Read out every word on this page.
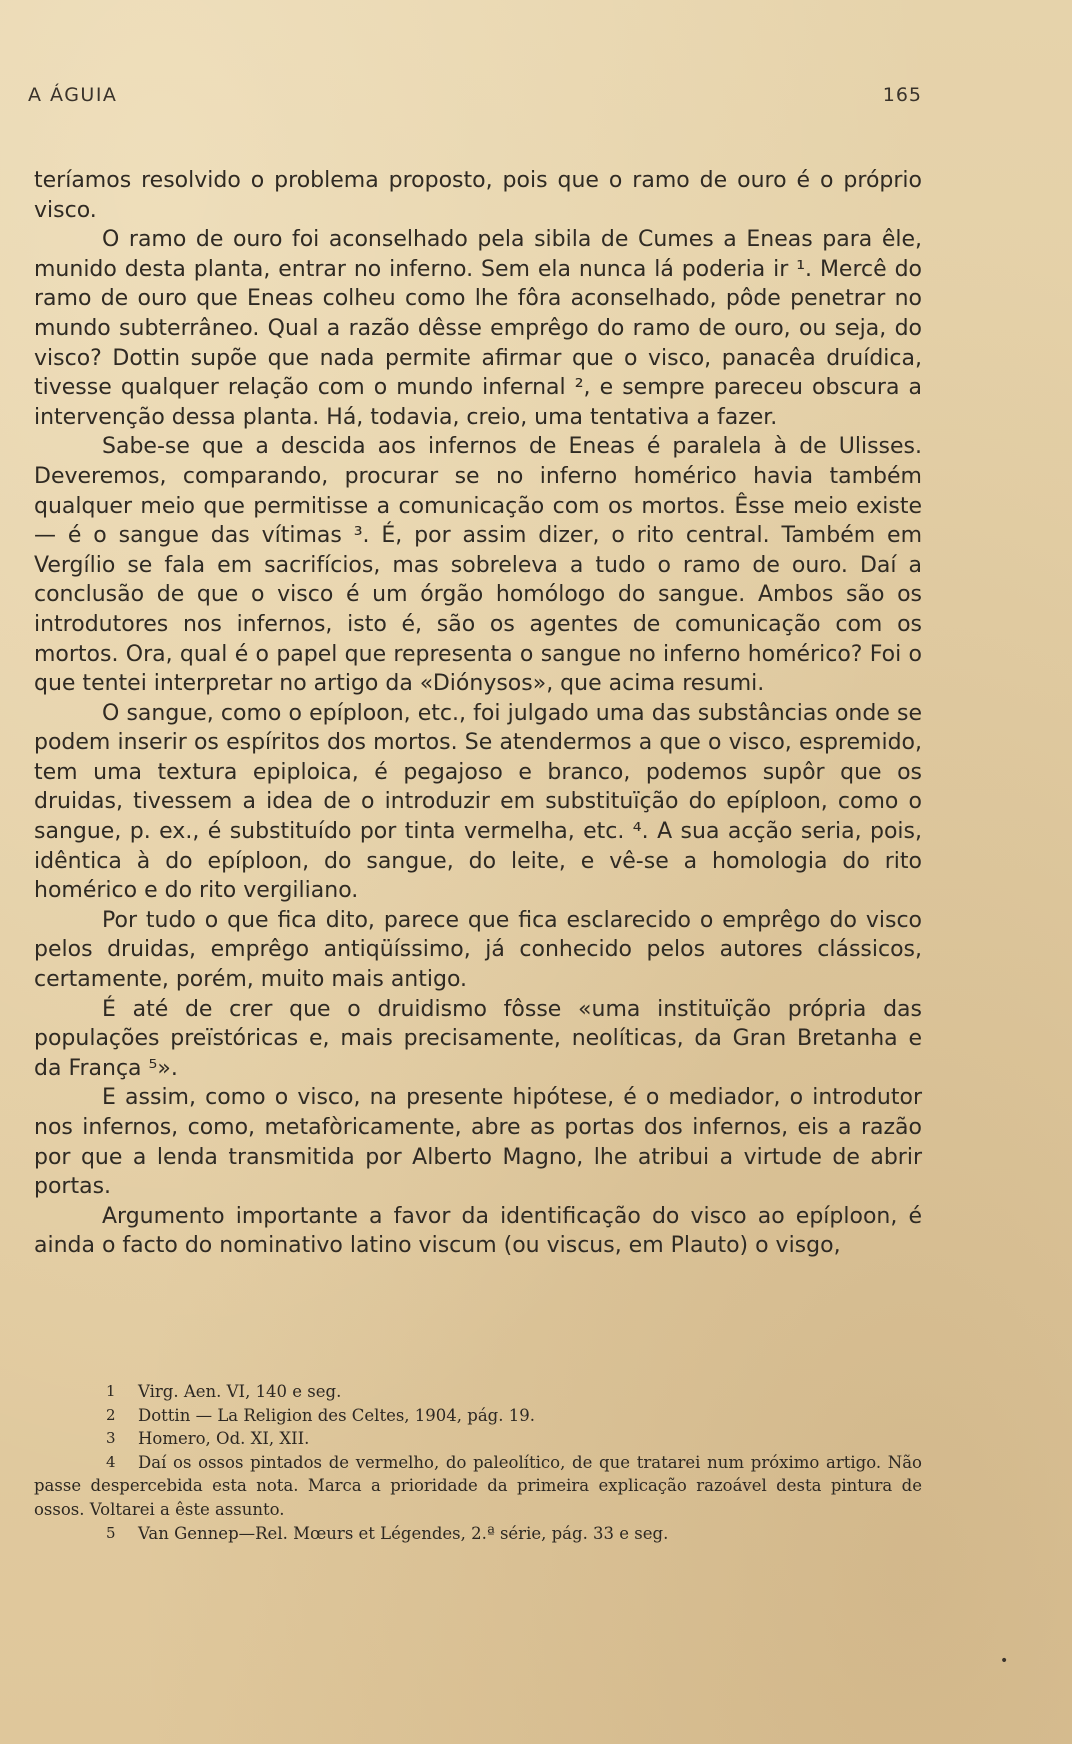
A ÁGUIA	165

teríamos resolvido o problema proposto, pois que o ramo de ouro é o próprio visco.

O ramo de ouro foi aconselhado pela sibila de Cumes a Eneas para êle, munido desta planta, entrar no inferno. Sem ela nunca lá poderia ir ¹. Mercê do ramo de ouro que Eneas colheu como lhe fôra aconselhado, pôde penetrar no mundo subterrâneo. Qual a razão dêsse emprêgo do ramo de ouro, ou seja, do visco? Dottin supõe que nada permite afirmar que o visco, panacêa druídica, tivesse qualquer relação com o mundo infernal ², e sempre pareceu obscura a intervenção dessa planta. Há, todavia, creio, uma tentativa a fazer.

Sabe-se que a descida aos infernos de Eneas é paralela à de Ulisses. Deveremos, comparando, procurar se no inferno homérico havia também qualquer meio que permitisse a comunicação com os mortos. Êsse meio existe — é o sangue das vítimas ³. É, por assim dizer, o rito central. Também em Vergílio se fala em sacrifícios, mas sobreleva a tudo o ramo de ouro. Daí a conclusão de que o visco é um órgão homólogo do sangue. Ambos são os introdutores nos infernos, isto é, são os agentes de comunicação com os mortos. Ora, qual é o papel que representa o sangue no inferno homérico? Foi o que tentei interpretar no artigo da «Diónysos», que acima resumi.

O sangue, como o epíploon, etc., foi julgado uma das substâncias onde se podem inserir os espíritos dos mortos. Se atendermos a que o visco, espremido, tem uma textura epiploica, é pegajoso e branco, podemos supôr que os druidas, tivessem a idea de o introduzir em substituïção do epíploon, como o sangue, p. ex., é substituído por tinta vermelha, etc. ⁴. A sua acção seria, pois, idêntica à do epíploon, do sangue, do leite, e vê-se a homologia do rito homérico e do rito vergiliano.

Por tudo o que fica dito, parece que fica esclarecido o emprêgo do visco pelos druidas, emprêgo antiqüíssimo, já conhecido pelos autores clássicos, certamente, porém, muito mais antigo.

É até de crer que o druidismo fôsse «uma instituïção própria das populações preïstóricas e, mais precisamente, neolíticas, da Gran Bretanha e da França ⁵».

E assim, como o visco, na presente hipótese, é o mediador, o introdutor nos infernos, como, metafòricamente, abre as portas dos infernos, eis a razão por que a lenda transmitida por Alberto Magno, lhe atribui a virtude de abrir portas.

Argumento importante a favor da identificação do visco ao epíploon, é ainda o facto do nominativo latino viscum (ou viscus, em Plauto) o visgo,

1 Virg. Aen. VI, 140 e seg.

2 Dottin — La Religion des Celtes, 1904, pág. 19.

3 Homero, Od. XI, XII.

4 Daí os ossos pintados de vermelho, do paleolítico, de que tratarei num próximo artigo. Não passe despercebida esta nota. Marca a prioridade da primeira explicação razoável desta pintura de ossos. Voltarei a êste assunto.

5 Van Gennep—Rel. Mœurs et Légendes, 2.ª série, pág. 33 e seg.

•
